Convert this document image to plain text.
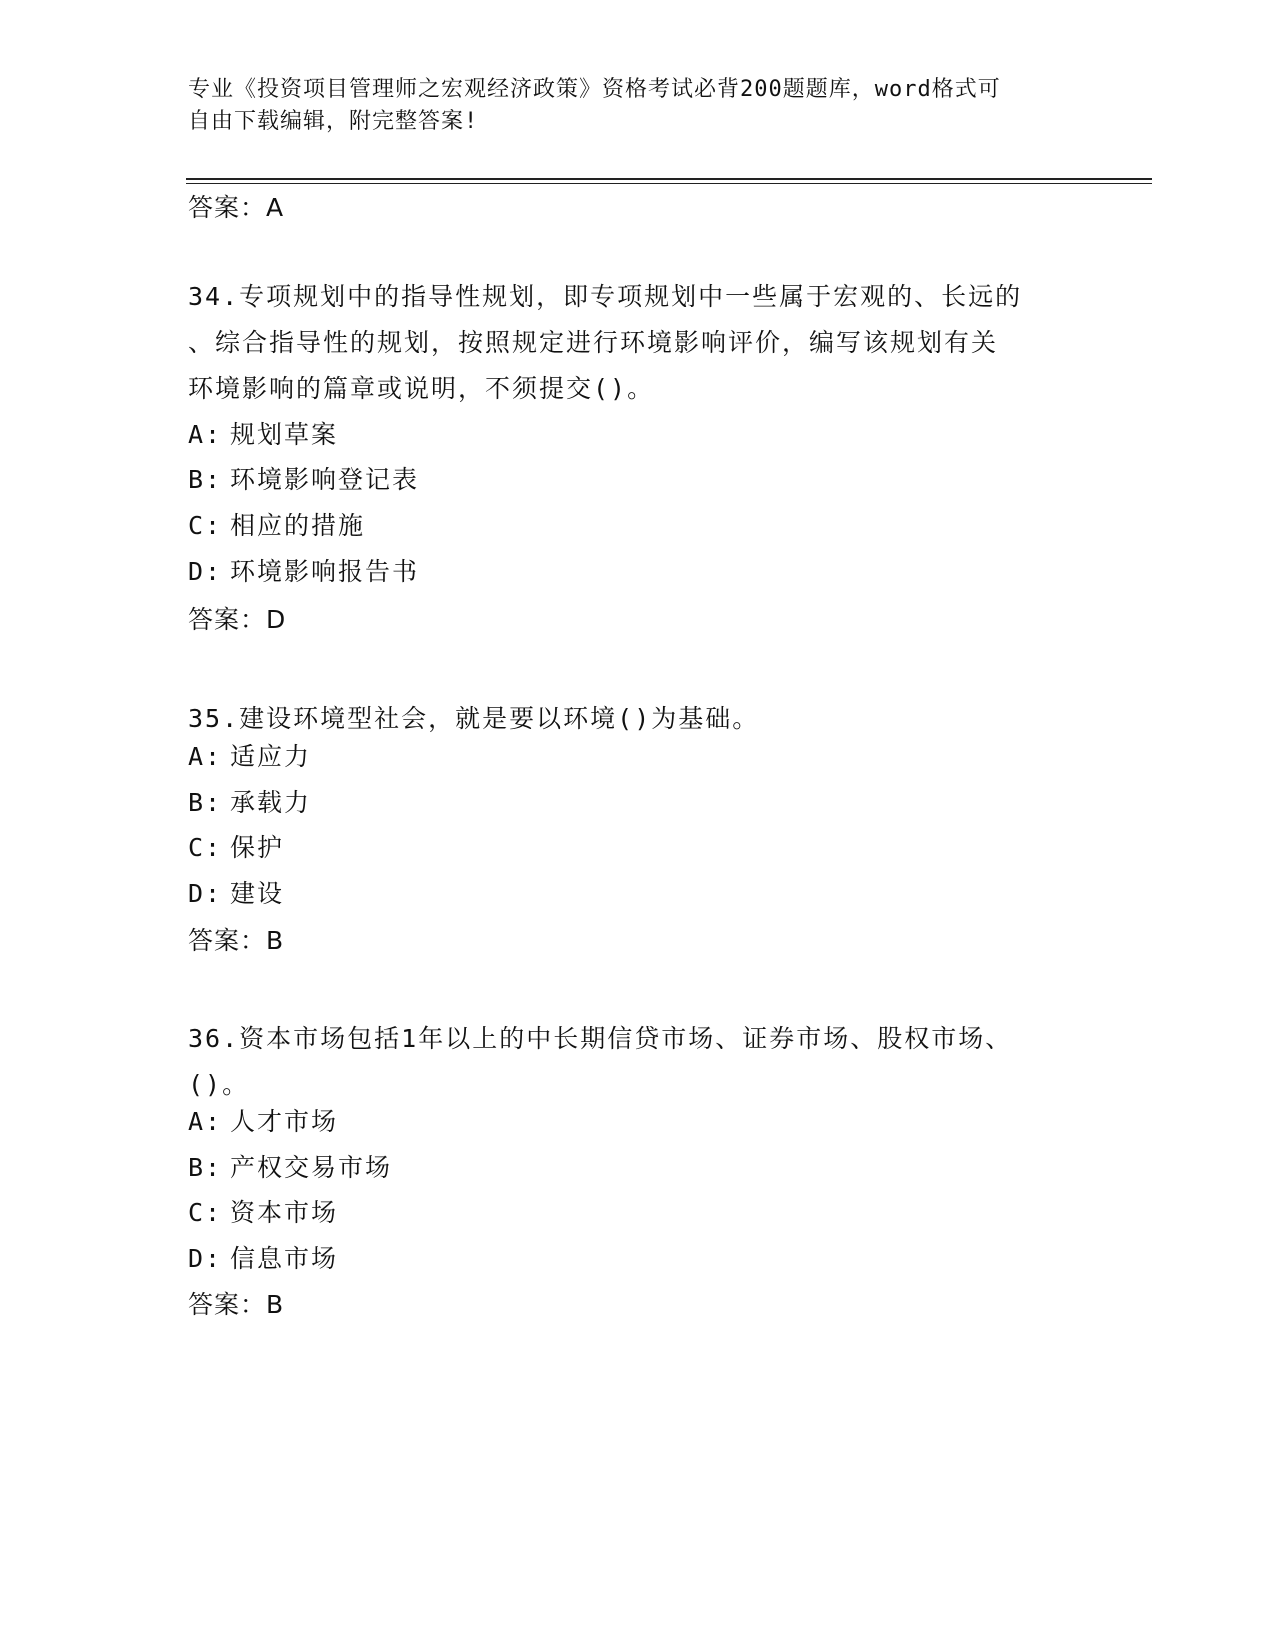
专业《投资项目管理师之宏观经济政策》资格考试必背200题题库，word格式可
自由下载编辑，附完整答案!
答案：A
34.专项规划中的指导性规划，即专项规划中一些属于宏观的、长远的
、综合指导性的规划，按照规定进行环境影响评价，编写该规划有关
环境影响的篇章或说明，不须提交()。
A: 规划草案
B: 环境影响登记表
C: 相应的措施
D: 环境影响报告书
答案：D
35.建设环境型社会，就是要以环境()为基础。
A: 适应力
B: 承载力
C: 保护
D: 建设
答案：B
36.资本市场包括1年以上的中长期信贷市场、证券市场、股权市场、
()。
A: 人才市场
B: 产权交易市场
C: 资本市场
D: 信息市场
答案：B
